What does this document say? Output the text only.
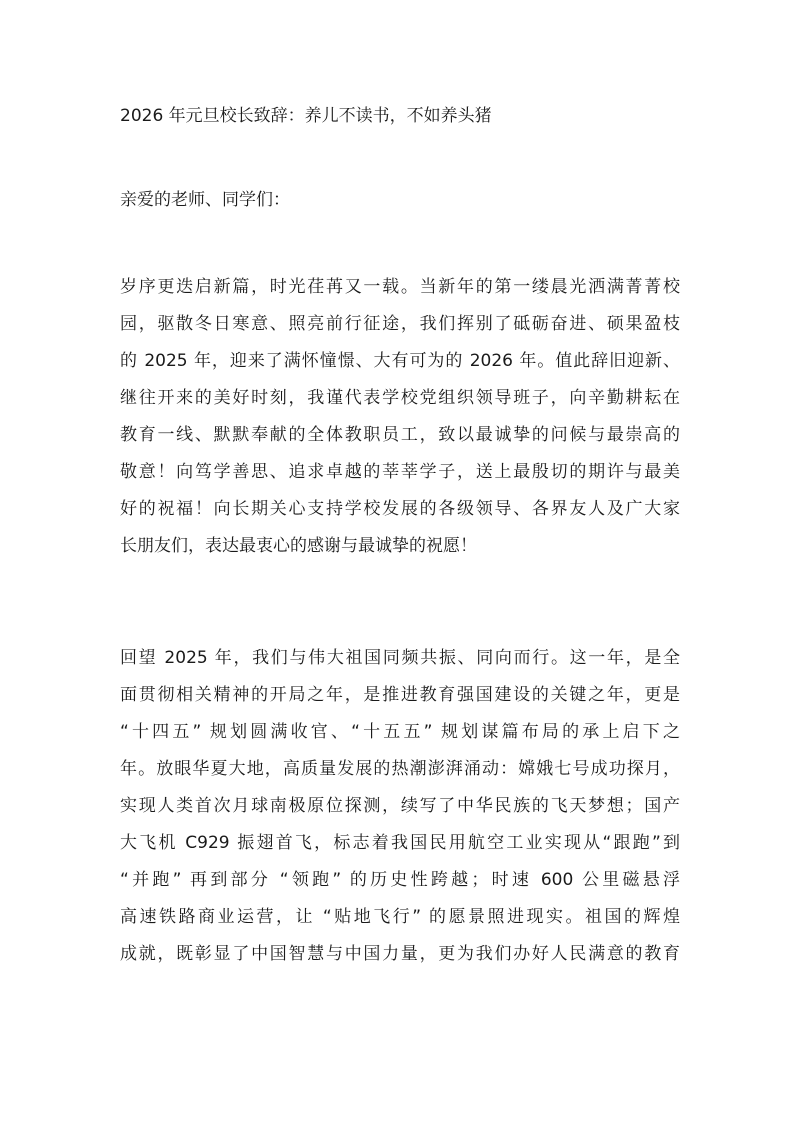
2026 年元旦校长致辞：养儿不读书，不如养头猪
亲爱的老师、同学们：
岁序更迭启新篇，时光荏苒又一载。当新年的第一缕晨光洒满菁菁校
园，驱散冬日寒意、照亮前行征途，我们挥别了砥砺奋进、硕果盈枝
的 2025 年，迎来了满怀憧憬、大有可为的 2026 年。值此辞旧迎新、
继往开来的美好时刻，我谨代表学校党组织领导班子，向辛勤耕耘在
教育一线、默默奉献的全体教职员工，致以最诚挚的问候与最崇高的
敬意！向笃学善思、追求卓越的莘莘学子，送上最殷切的期许与最美
好的祝福！向长期关心支持学校发展的各级领导、各界友人及广大家
长朋友们，表达最衷心的感谢与最诚挚的祝愿！
回望 2025 年，我们与伟大祖国同频共振、同向而行。这一年，是全
面贯彻相关精神的开局之年，是推进教育强国建设的关键之年，更是
“十四五” 规划圆满收官、“十五五” 规划谋篇布局的承上启下之
年。放眼华夏大地，高质量发展的热潮澎湃涌动：嫦娥七号成功探月，
实现人类首次月球南极原位探测，续写了中华民族的飞天梦想；国产
大飞机 C929 振翅首飞，标志着我国民用航空工业实现从“跟跑”到
“并跑” 再到部分 “领跑” 的历史性跨越；时速 600 公里磁悬浮
高速铁路商业运营，让 “贴地飞行” 的愿景照进现实。祖国的辉煌
成就，既彰显了中国智慧与中国力量，更为我们办好人民满意的教育
